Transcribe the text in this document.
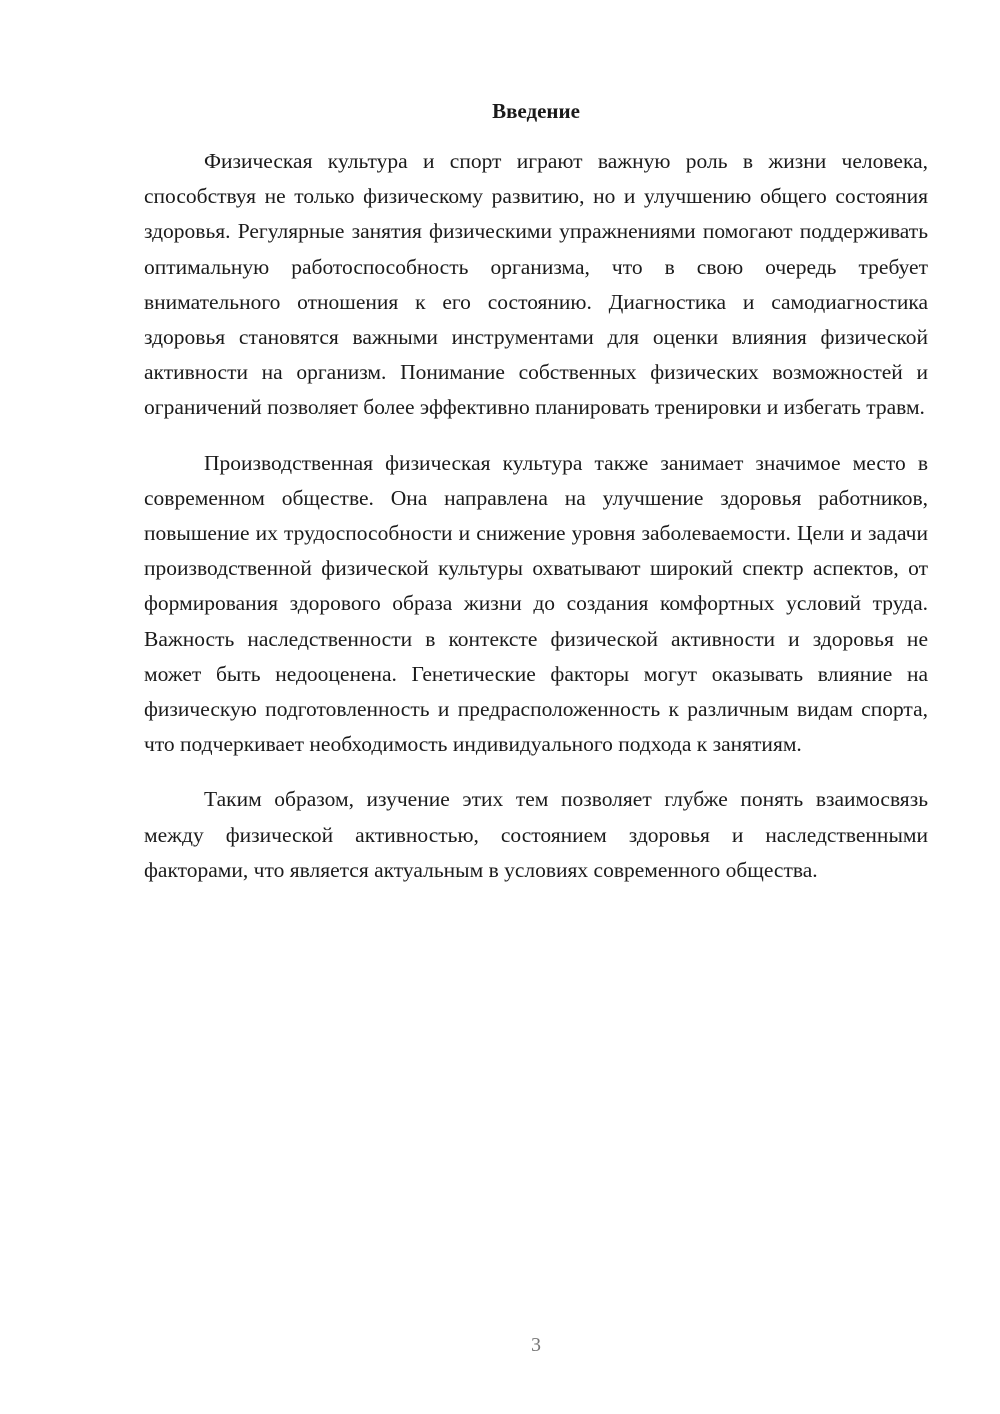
Введение

Физическая культура и спорт играют важную роль в жизни человека, способствуя не только физическому развитию, но и улучшению общего состояния здоровья. Регулярные занятия физическими упражнениями помогают поддерживать оптимальную работоспособность организма, что в свою очередь требует внимательного отношения к его состоянию. Диагностика и самодиагностика здоровья становятся важными инструментами для оценки влияния физической активности на организм. Понимание собственных физических возможностей и ограничений позволяет более эффективно планировать тренировки и избегать травм.

Производственная физическая культура также занимает значимое место в современном обществе. Она направлена на улучшение здоровья работников, повышение их трудоспособности и снижение уровня заболеваемости. Цели и задачи производственной физической культуры охватывают широкий спектр аспектов, от формирования здорового образа жизни до создания комфортных условий труда. Важность наследственности в контексте физической активности и здоровья не может быть недооценена. Генетические факторы могут оказывать влияние на физическую подготовленность и предрасположенность к различным видам спорта, что подчеркивает необходимость индивидуального подхода к занятиям.

Таким образом, изучение этих тем позволяет глубже понять взаимосвязь между физической активностью, состоянием здоровья и наследственными факторами, что является актуальным в условиях современного общества.

3
